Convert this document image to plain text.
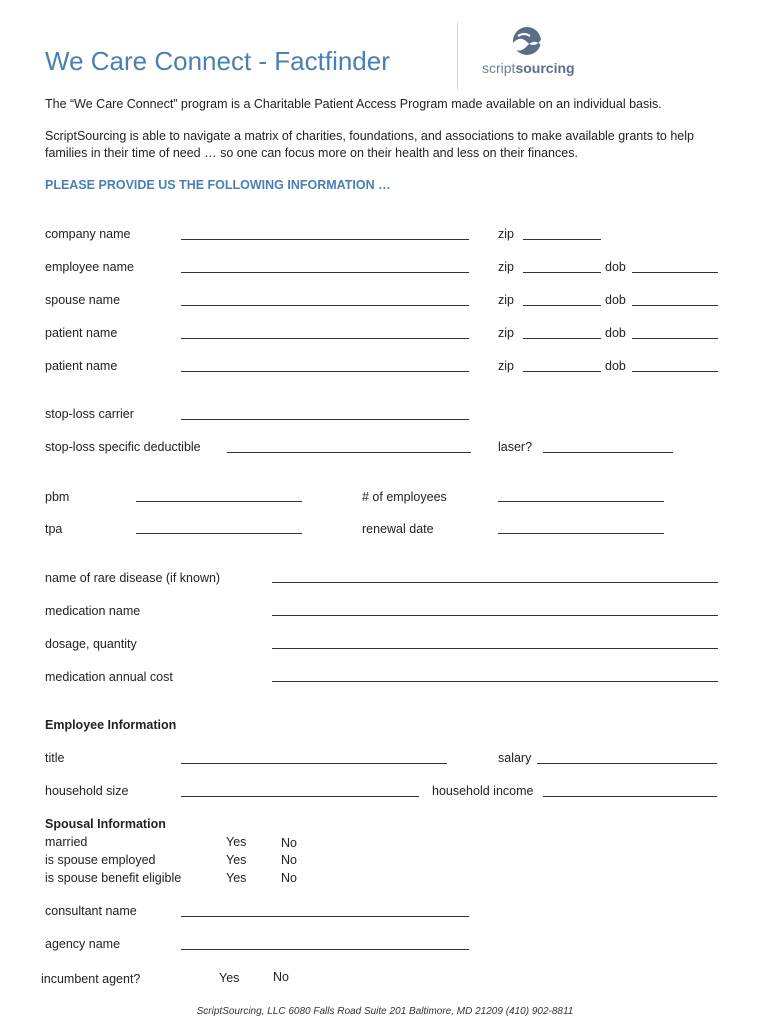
We Care Connect - Factfinder	scriptsourcing
The “We Care Connect” program is a Charitable Patient Access Program made available on an individual basis.
ScriptSourcing is able to navigate a matrix of charities, foundations, and associations to make available grants to help families in their time of need … so one can focus more on their health and less on their finances.
PLEASE PROVIDE US THE FOLLOWING INFORMATION …
company name	zip
employee name	zip	dob
spouse name	zip	dob
patient name	zip	dob
patient name	zip	dob
stop-loss carrier
stop-loss specific deductible	laser?
pbm	# of employees
tpa	renewal date
name of rare disease (if known)
medication name
dosage, quantity
medication annual cost
Employee Information
title	salary
household size	household income
Spousal Information
married	Yes	No
is spouse employed	Yes	No
is spouse benefit eligible	Yes	No
consultant name
agency name
incumbent agent?	Yes	No
ScriptSourcing, LLC 6080 Falls Road Suite 201 Baltimore, MD 21209 (410) 902-8811
